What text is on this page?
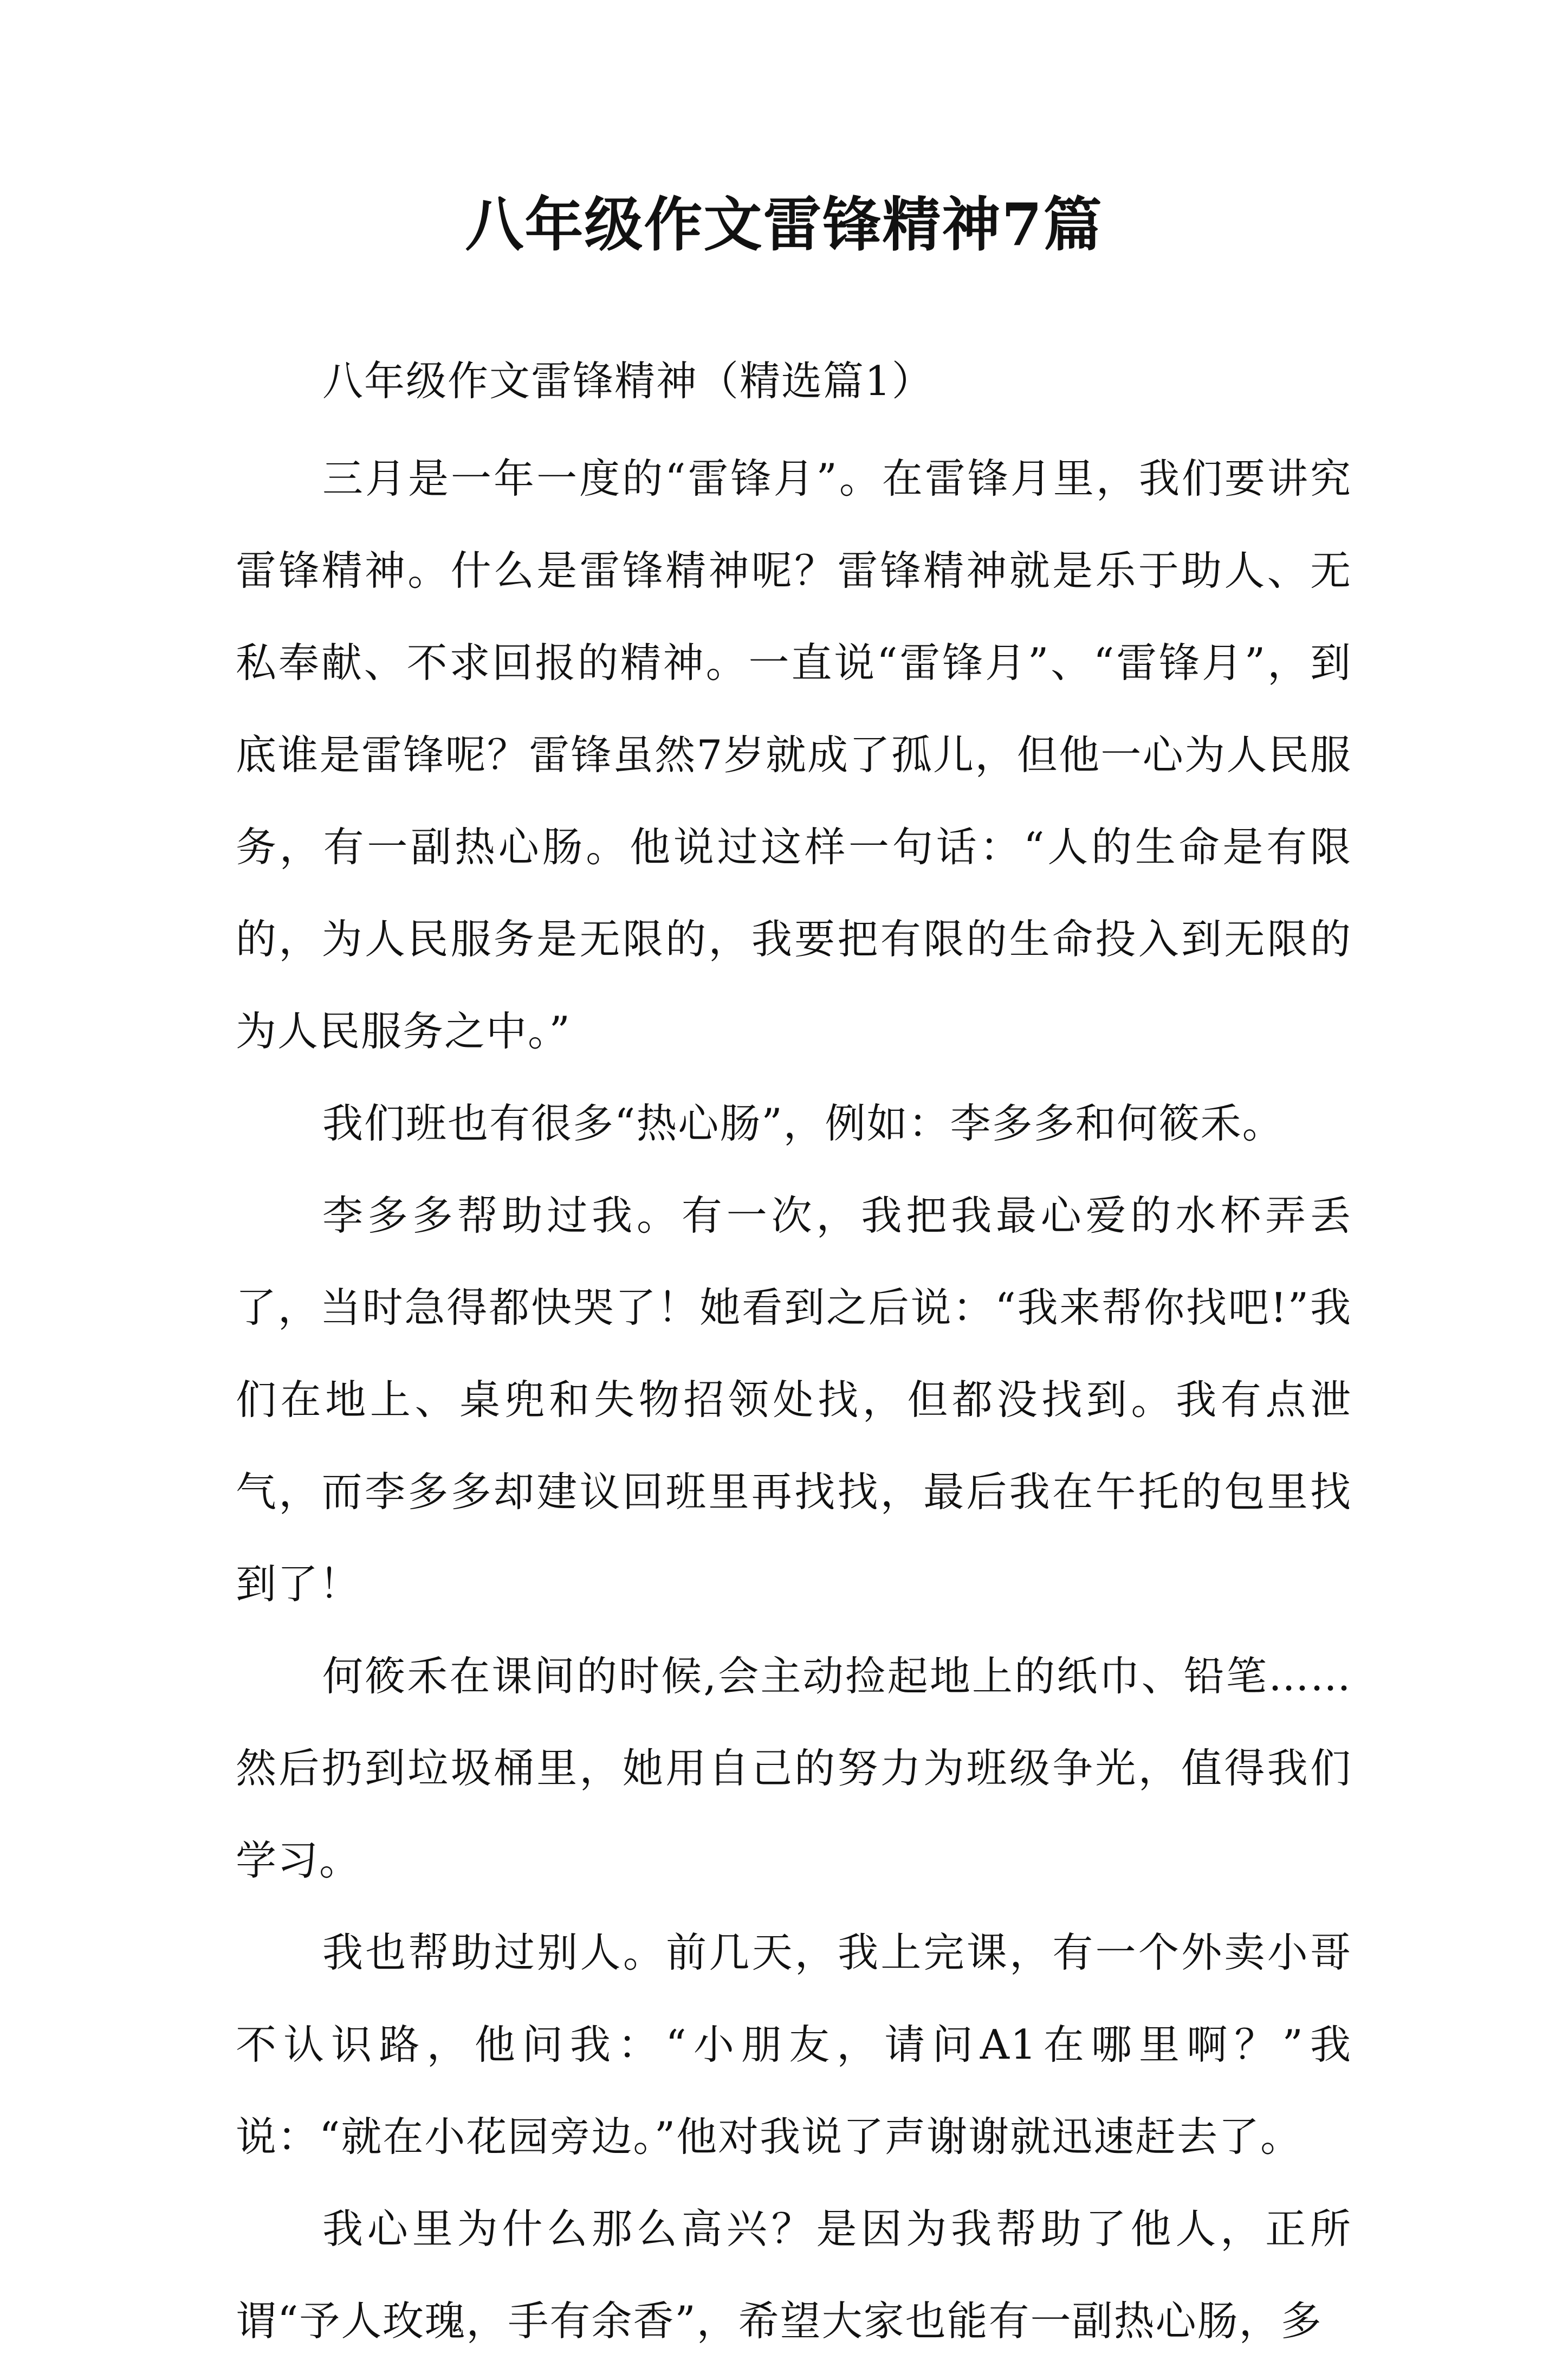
八年级作文雷锋精神7篇

八年级作文雷锋精神（精选篇1）

三月是一年一度的“雷锋月”。在雷锋月里，我们要讲究雷锋精神。什么是雷锋精神呢？雷锋精神就是乐于助人、无私奉献、不求回报的精神。一直说“雷锋月”、“雷锋月”，到底谁是雷锋呢？雷锋虽然7岁就成了孤儿，但他一心为人民服务，有一副热心肠。他说过这样一句话：“人的生命是有限的，为人民服务是无限的，我要把有限的生命投入到无限的为人民服务之中。”

我们班也有很多“热心肠”，例如：李多多和何筱禾。

李多多帮助过我。有一次，我把我最心爱的水杯弄丢了，当时急得都快哭了！她看到之后说：“我来帮你找吧!”我们在地上、桌兜和失物招领处找，但都没找到。我有点泄气，而李多多却建议回班里再找找，最后我在午托的包里找到了！

何筱禾在课间的时候,会主动捡起地上的纸巾、铅笔……然后扔到垃圾桶里，她用自己的努力为班级争光，值得我们学习。

我也帮助过别人。前几天，我上完课，有一个外卖小哥不认识路，他问我：“小朋友，请问A1在哪里啊？”我说：“就在小花园旁边。”他对我说了声谢谢就迅速赶去了。

我心里为什么那么高兴？是因为我帮助了他人，正所谓“予人玫瑰，手有余香”，希望大家也能有一副热心肠，多
